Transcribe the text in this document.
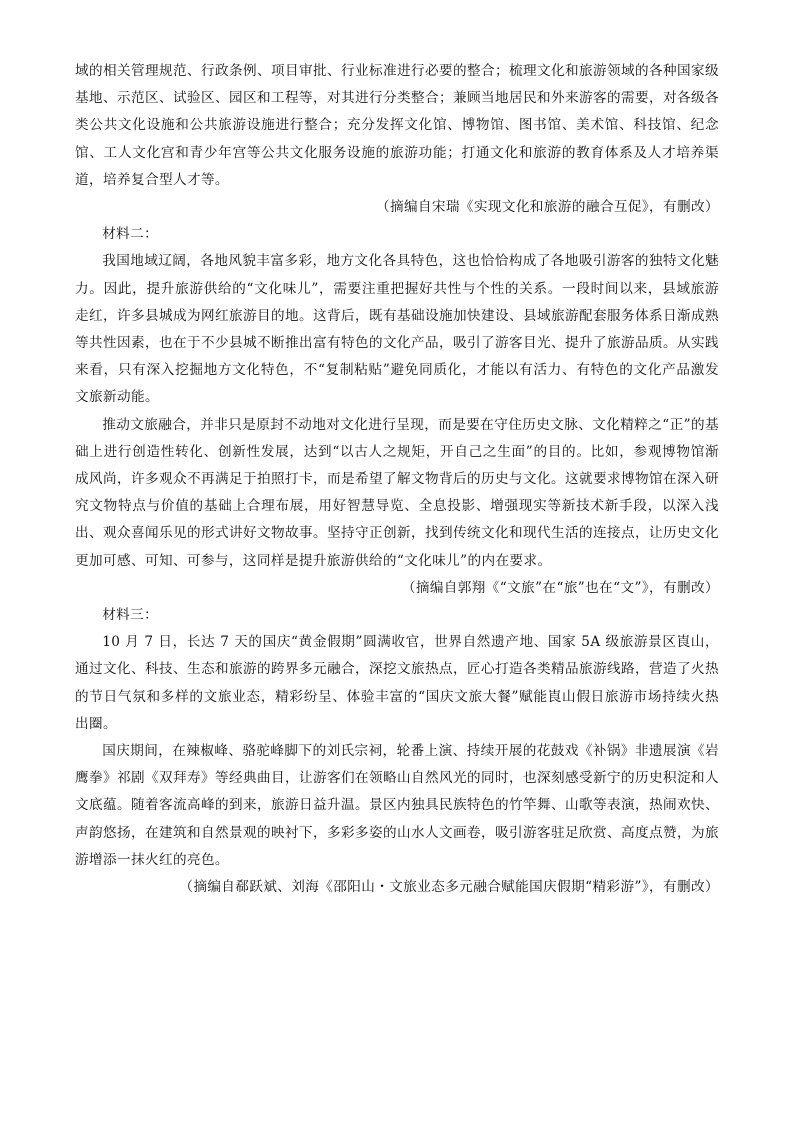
域的相关管理规范、行政条例、项目审批、行业标准进行必要的整合；梳理文化和旅游领域的各种国家级基地、示范区、试验区、园区和工程等，对其进行分类整合；兼顾当地居民和外来游客的需要，对各级各类公共文化设施和公共旅游设施进行整合；充分发挥文化馆、博物馆、图书馆、美术馆、科技馆、纪念馆、工人文化宫和青少年宫等公共文化服务设施的旅游功能；打通文化和旅游的教育体系及人才培养渠道，培养复合型人才等。

（摘编自宋瑞《实现文化和旅游的融合互促》，有删改）

材料二：

我国地域辽阔，各地风貌丰富多彩，地方文化各具特色，这也恰恰构成了各地吸引游客的独特文化魅力。因此，提升旅游供给的“文化味儿”，需要注重把握好共性与个性的关系。一段时间以来，县域旅游走红，许多县城成为网红旅游目的地。这背后，既有基础设施加快建设、县域旅游配套服务体系日渐成熟等共性因素，也在于不少县城不断推出富有特色的文化产品，吸引了游客目光、提升了旅游品质。从实践来看，只有深入挖掘地方文化特色，不“复制粘贴”避免同质化，才能以有活力、有特色的文化产品激发文旅新动能。

推动文旅融合，并非只是原封不动地对文化进行呈现，而是要在守住历史文脉、文化精粹之“正”的基础上进行创造性转化、创新性发展，达到“以古人之规矩，开自己之生面”的目的。比如，参观博物馆渐成风尚，许多观众不再满足于拍照打卡，而是希望了解文物背后的历史与文化。这就要求博物馆在深入研究文物特点与价值的基础上合理布展，用好智慧导览、全息投影、增强现实等新技术新手段，以深入浅出、观众喜闻乐见的形式讲好文物故事。坚持守正创新，找到传统文化和现代生活的连接点，让历史文化更加可感、可知、可参与，这同样是提升旅游供给的“文化味儿”的内在要求。

（摘编自郭翔《“文旅”在“旅”也在“文”》，有删改）

材料三：

10 月 7 日，长达 7 天的国庆“黄金假期”圆满收官，世界自然遗产地、国家 5A 级旅游景区崀山，通过文化、科技、生态和旅游的跨界多元融合，深挖文旅热点，匠心打造各类精品旅游线路，营造了火热的节日气氛和多样的文旅业态，精彩纷呈、体验丰富的“国庆文旅大餐”赋能崀山假日旅游市场持续火热出圈。

国庆期间，在辣椒峰、骆驼峰脚下的刘氏宗祠，轮番上演、持续开展的花鼓戏《补锅》非遗展演《岩鹰拳》祁剧《双拜寿》等经典曲目，让游客们在领略山自然风光的同时，也深刻感受新宁的历史积淀和人文底蕴。随着客流高峰的到来，旅游日益升温。景区内独具民族特色的竹竿舞、山歌等表演，热闹欢快、声韵悠扬，在建筑和自然景观的映衬下，多彩多姿的山水人文画卷，吸引游客驻足欣赏、高度点赞，为旅游增添一抹火红的亮色。

（摘编自郗跃斌、刘海《邵阳山・文旅业态多元融合赋能国庆假期“精彩游”》，有删改）
